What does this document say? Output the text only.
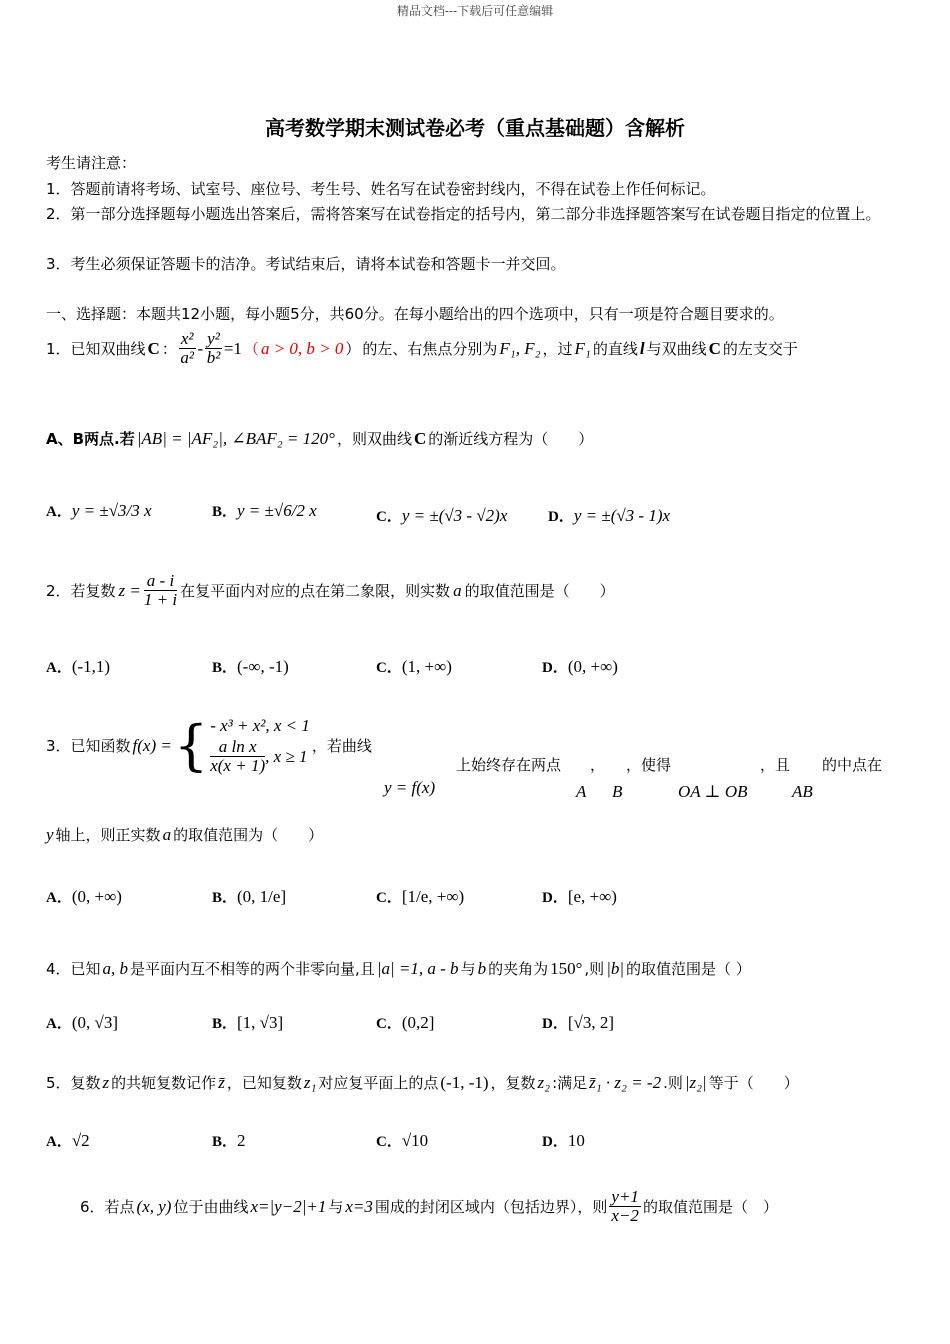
精品文档---下载后可任意编辑
高考数学期末测试卷必考（重点基础题）含解析
考生请注意：
1．答题前请将考场、试室号、座位号、考生号、姓名写在试卷密封线内，不得在试卷上作任何标记。
2．第一部分选择题每小题选出答案后，需将答案写在试卷指定的括号内，第二部分非选择题答案写在试卷题目指定的位置上。
3．考生必须保证答题卡的洁净。考试结束后，请将本试卷和答题卡一并交回。
一、选择题：本题共12小题，每小题5分，共60分。在每小题给出的四个选项中，只有一项是符合题目要求的。
1．已知双曲线 C ： $\frac{\text{x²}}{\text{a²}} - \frac{\text{y²}}{\text{b²}} =1$ （ a > 0, b > 0 ） 的左、右焦点分别为 F₁, F₂ ，过 F₁ 的直线 l 与双曲线 C 的左支交于
A、B两点.若 |AB| = |AF₂|, ∠BAF₂ = 120° ，则双曲线 C 的渐近线方程为（　　）
A．y = ±√3/3 x	B．y = ±√6/2 x	C．y = ±(√3 - √2)x	D．y = ±(√3 - 1)x
2．若复数 $z = \frac{a - i}{1 + i}$ 在复平面内对应的点在第二象限，则实数 a 的取值范围是（　　）
A．(-1,1)	B．(-∞, -1)	C．(1, +∞)	D．(0, +∞)
3．已知函数 f(x) = { - x³ + x², x < 1
$\frac{\text{a ln x}}{x(x + 1)}$ , x ≥ 1
，若曲线
y = f(x)
上始终存在两点
A
，
B
，使得
OA ⊥ OB
，且
AB
的中点在
y 轴上，则正实数 a 的取值范围为（　　）
A．(0, +∞)	B．(0, 1/e]	C．[1/e, +∞)	D．[e, +∞)
4．已知 a, b 是平面内互不相等的两个非零向量,且 |a| =1, a - b 与 b 的夹角为 150° ,则 |b| 的取值范围是（ ）
A．(0, √3]	B．[1, √3]	C．(0,2]	D．[√3, 2]
5．复数 z 的共轭复数记作 z̄ ，已知复数 z₁ 对应复平面上的点 (-1, -1) ，复数 z₂ :满足 z̄₁ · z₂ = -2 .则 |z₂| 等于（　　）
A．√2	B．2	C．√10	D．10
6．若点 (x, y) 位于由曲线 x=|y−2|+1 与 x=3 围成的封闭区域内（包括边界），则 $\frac{y+1}{x-2}$ 的取值范围是（　）
